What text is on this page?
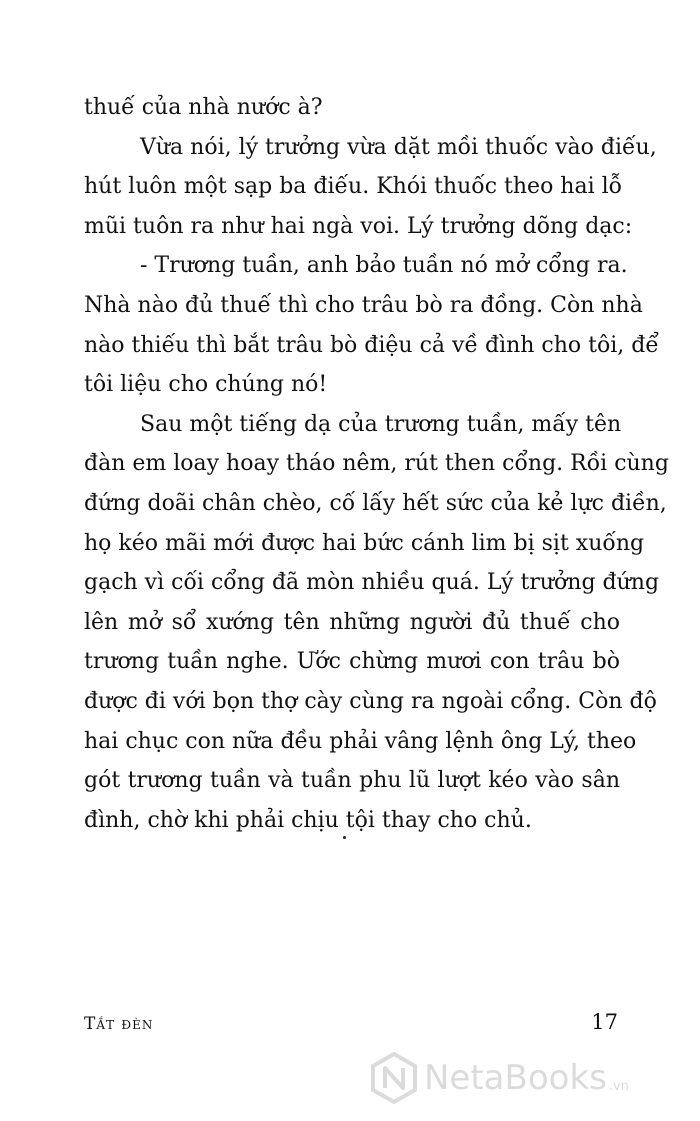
thuế của nhà nước à?
Vừa nói, lý trưởng vừa dặt mồi thuốc vào điếu,
hút luôn một sạp ba điếu. Khói thuốc theo hai lỗ
mũi tuôn ra như hai ngà voi. Lý trưởng dõng dạc:
- Trương tuần, anh bảo tuần nó mở cổng ra.
Nhà nào đủ thuế thì cho trâu bò ra đồng. Còn nhà
nào thiếu thì bắt trâu bò điệu cả về đình cho tôi, để
tôi liệu cho chúng nó!
Sau một tiếng dạ của trương tuần, mấy tên
đàn em loay hoay tháo nêm, rút then cổng. Rồi cùng
đứng doãi chân chèo, cố lấy hết sức của kẻ lực điền,
họ kéo mãi mới được hai bức cánh lim bị sịt xuống
gạch vì cối cổng đã mòn nhiều quá. Lý trưởng đứng
lên mở sổ xướng tên những người đủ thuế cho
trương tuần nghe. Ước chừng mươi con trâu bò
được đi với bọn thợ cày cùng ra ngoài cổng. Còn độ
hai chục con nữa đều phải vâng lệnh ông Lý, theo
gót trương tuần và tuần phu lũ lượt kéo vào sân
đình, chờ khi phải chịu tội thay cho chủ.
Tắt đèn	17
NetaBooks .vn
